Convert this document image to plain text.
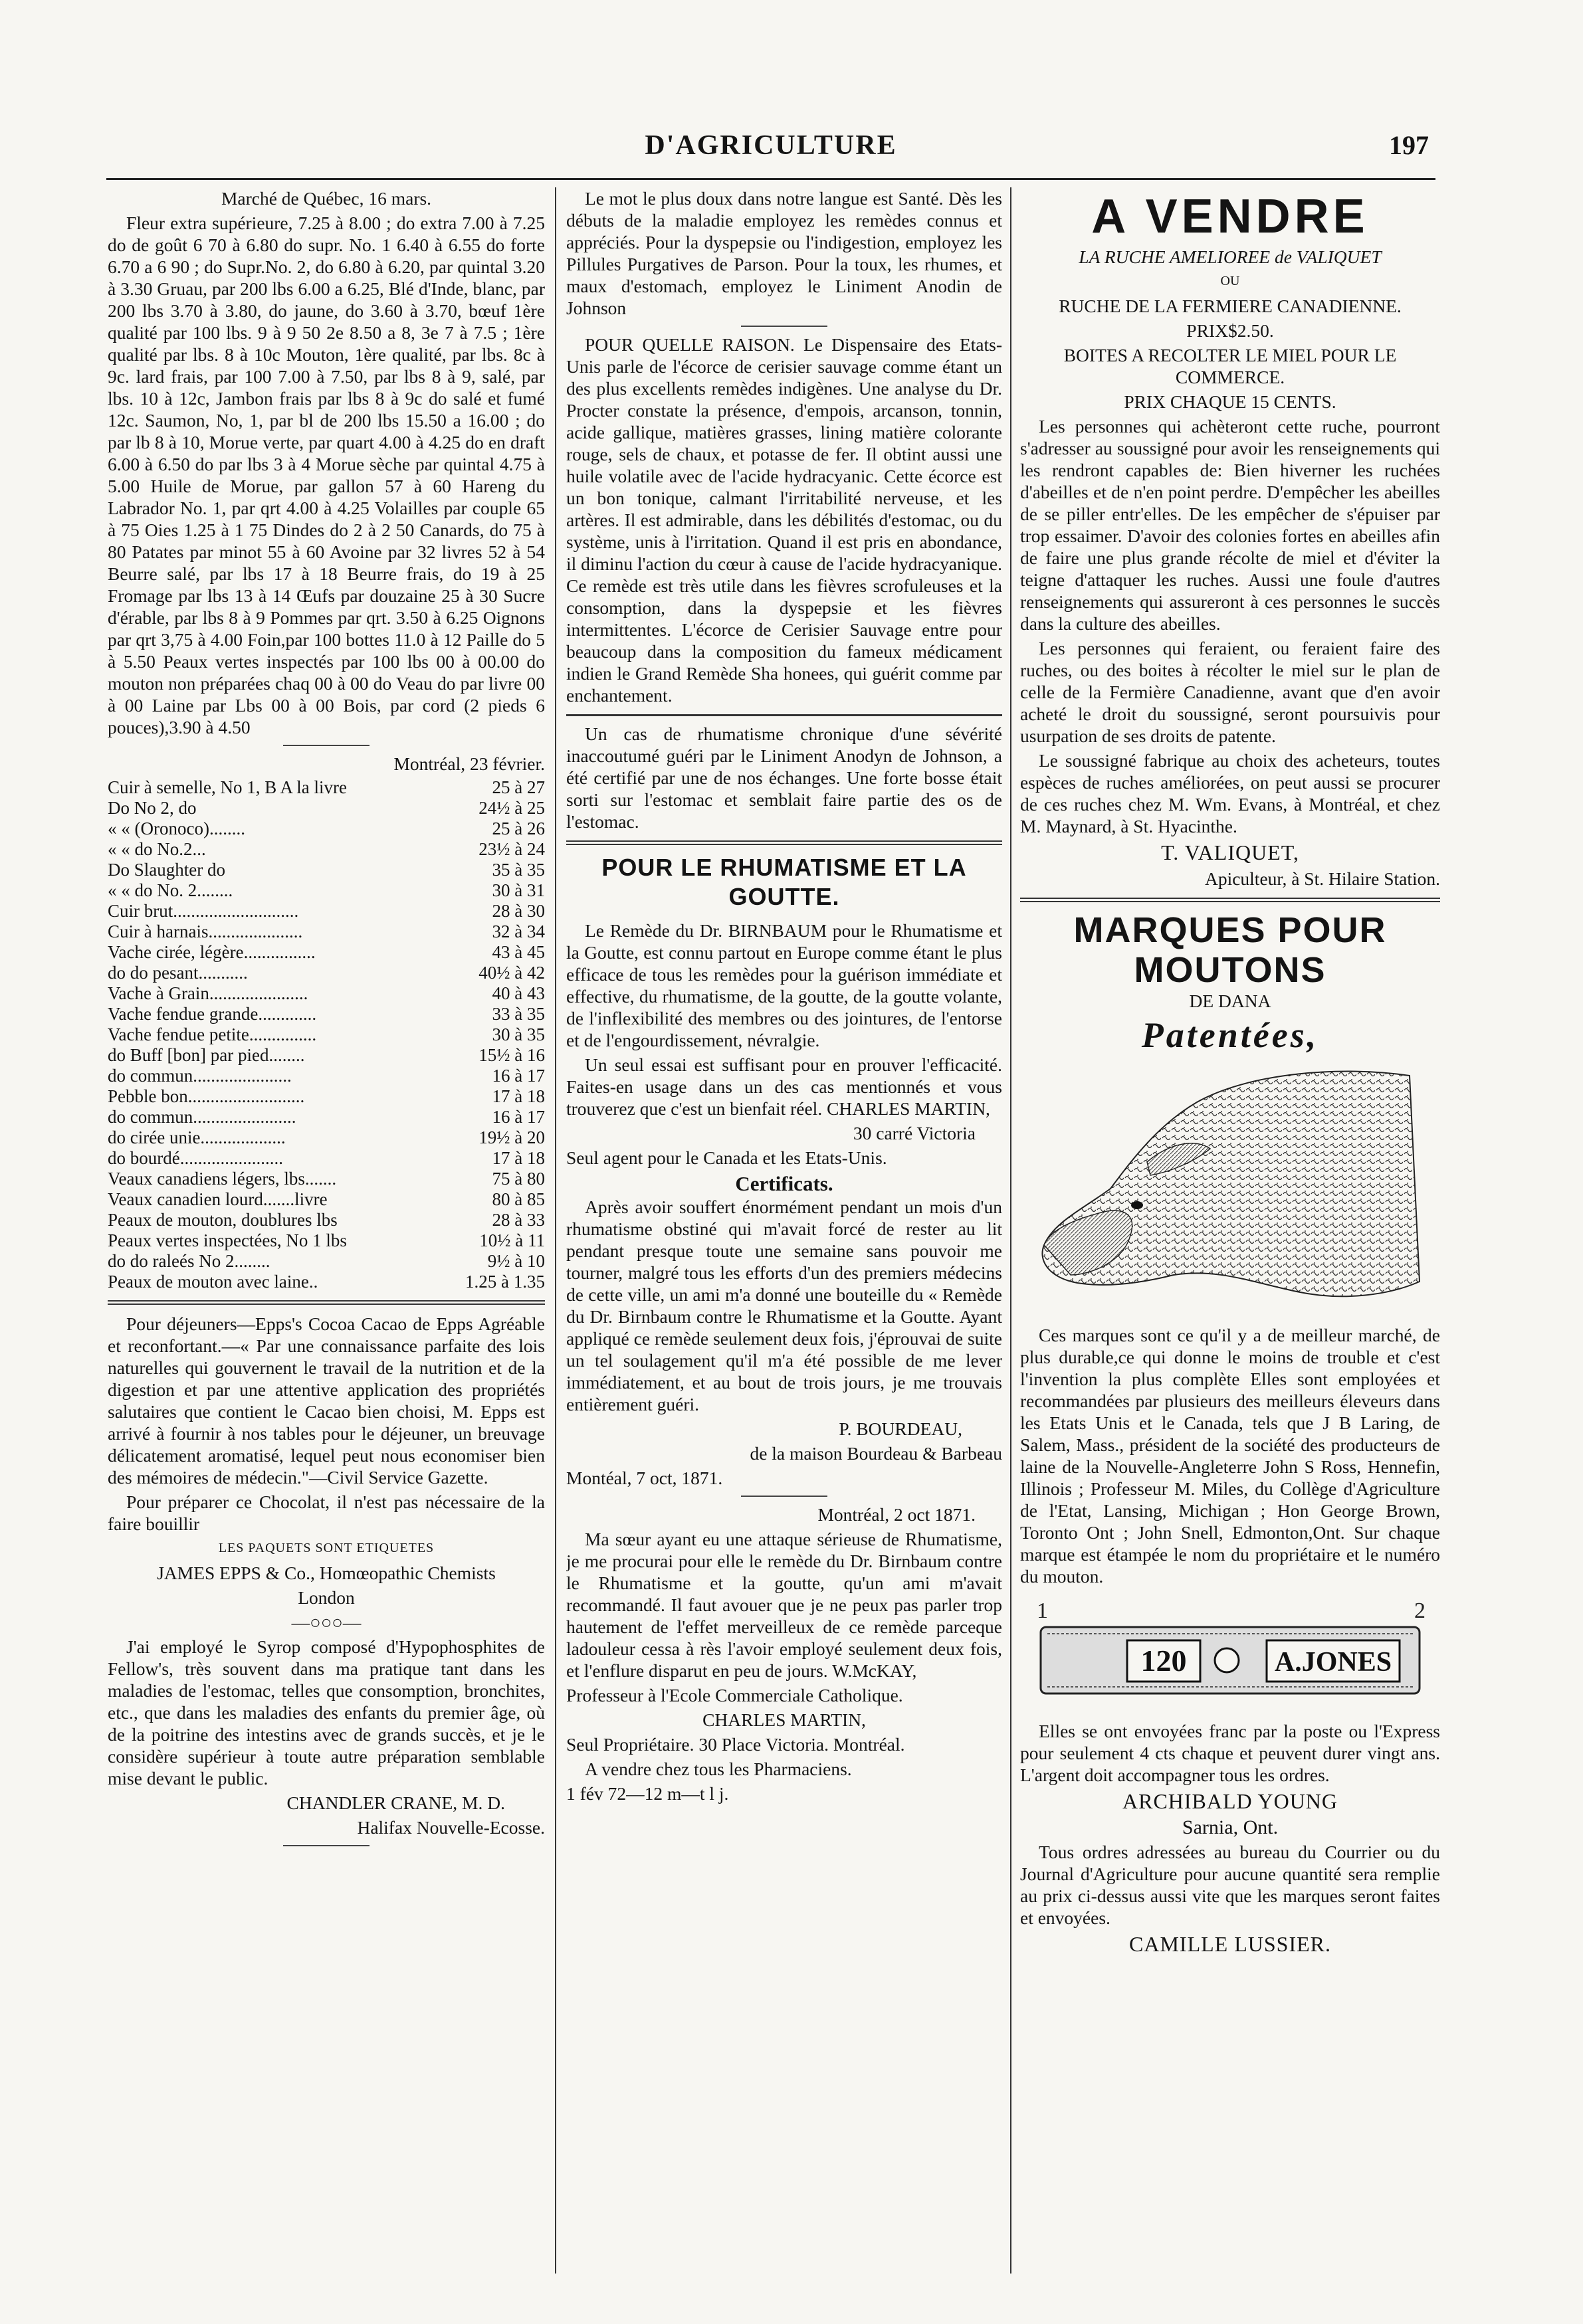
D'AGRICULTURE	197

Marché de Québec, 16 mars.

Fleur extra supérieure, 7.25 à 8.00 ; do extra 7.00 à 7.25 do de goût 6 70 à 6.80 do supr. No. 1 6.40 à 6.55 do forte 6.70 a 6 90 ; do Supr.No. 2, do 6.80 à 6.20, par quintal 3.20 à 3.30 Gruau, par 200 lbs 6.00 a 6.25, Blé d'Inde, blanc, par 200 lbs 3.70 à 3.80, do jaune, do 3.60 à 3.70, bœuf 1ère qualité par 100 lbs. 9 à 9 50 2e 8.50 a 8, 3e 7 à 7.5 ; 1ère qualité par lbs. 8 à 10c Mouton, 1ère qualité, par lbs. 8c à 9c. lard frais, par 100 7.00 à 7.50, par lbs 8 à 9, salé, par lbs. 10 à 12c, Jambon frais par lbs 8 à 9c do salé et fumé 12c. Saumon, No, 1, par bl de 200 lbs 15.50 a 16.00 ; do par lb 8 à 10, Morue verte, par quart 4.00 à 4.25 do en draft 6.00 à 6.50 do par lbs 3 à 4 Morue sèche par quintal 4.75 à 5.00 Huile de Morue, par gallon 57 à 60 Hareng du Labrador No. 1, par qrt 4.00 à 4.25 Volailles par couple 65 à 75 Oies 1.25 à 1 75 Dindes do 2 à 2 50 Canards, do 75 à 80 Patates par minot 55 à 60 Avoine par 32 livres 52 à 54 Beurre salé, par lbs 17 à 18 Beurre frais, do 19 à 25 Fromage par lbs 13 à 14 Œufs par douzaine 25 à 30 Sucre d'érable, par lbs 8 à 9 Pommes par qrt. 3.50 à 6.25 Oignons par qrt 3,75 à 4.00 Foin,par 100 bottes 11.0 à 12 Paille do 5 à 5.50 Peaux vertes inspectés par 100 lbs 00 à 00.00 do mouton non préparées chaq 00 à 00 do Veau do par livre 00 à 00 Laine par Lbs 00 à 00 Bois, par cord (2 pieds 6 pouces),3.90 à 4.50

Montréal, 23 février.

Cuir à semelle, No 1, B A la livre	25 à 27
Do No 2, do	24½ à 25
« « (Oronoco)........	25 à 26
« « do No.2...	23½ à 24
Do Slaughter do	35 à 35
« « do No. 2........	30 à 31
Cuir brut............................	28 à 30
Cuir à harnais.....................	32 à 34
Vache cirée, légère................	43 à 45
do do pesant...........	40½ à 42
Vache à Grain......................	40 à 43
Vache fendue grande.............	33 à 35
Vache fendue petite...............	30 à 35
do Buff [bon] par pied........	15½ à 16
do commun......................	16 à 17
Pebble bon..........................	17 à 18
do commun.......................	16 à 17
do cirée unie...................	19½ à 20
do bourdé.......................	17 à 18
Veaux canadiens légers, lbs.......	75 à 80
Veaux canadien lourd.......livre	80 à 85
Peaux de mouton, doublures lbs	28 à 33
Peaux vertes inspectées, No 1 lbs	10½ à 11
do do raleés No 2........	9½ à 10
Peaux de mouton avec laine..	1.25 à 1.35

Pour déjeuners—Epps's Cocoa Cacao de Epps Agréable et reconfortant.—« Par une connaissance parfaite des lois naturelles qui gouvernent le travail de la nutrition et de la digestion et par une attentive application des propriétés salutaires que contient le Cacao bien choisi, M. Epps est arrivé à fournir à nos tables pour le déjeuner, un breuvage délicatement aromatisé, lequel peut nous economiser bien des mémoires de médecin."—Civil Service Gazette.

Pour préparer ce Chocolat, il n'est pas nécessaire de la faire bouillir

LES PAQUETS SONT ETIQUETES

JAMES EPPS & Co., Homœopathic Chemists

London

—○○○—

J'ai employé le Syrop composé d'Hypophosphites de Fellow's, très souvent dans ma pratique tant dans les maladies de l'estomac, telles que consomption, bronchites, etc., que dans les maladies des enfants du premier âge, où de la poitrine des intestins avec de grands succès, et je le considère supérieur à toute autre préparation semblable mise devant le public.

CHANDLER CRANE, M. D.

Halifax Nouvelle-Ecosse.

Le mot le plus doux dans notre langue est Santé. Dès les débuts de la maladie employez les remèdes connus et appréciés. Pour la dyspepsie ou l'indigestion, employez les Pillules Purgatives de Parson. Pour la toux, les rhumes, et maux d'estomach, employez le Liniment Anodin de Johnson

POUR QUELLE RAISON. Le Dispensaire des Etats-Unis parle de l'écorce de cerisier sauvage comme étant un des plus excellents remèdes indigènes. Une analyse du Dr. Procter constate la présence, d'empois, arcanson, tonnin, acide gallique, matières grasses, lining matière colorante rouge, sels de chaux, et potasse de fer. Il obtint aussi une huile volatile avec de l'acide hydracyanic. Cette écorce est un bon tonique, calmant l'irritabilité nerveuse, et les artères. Il est admirable, dans les débilités d'estomac, ou du système, unis à l'irritation. Quand il est pris en abondance, il diminu l'action du cœur à cause de l'acide hydracyanique. Ce remède est très utile dans les fièvres scrofuleuses et la consomption, dans la dyspepsie et les fièvres intermittentes. L'écorce de Cerisier Sauvage entre pour beaucoup dans la composition du fameux médicament indien le Grand Remède Sha honees, qui guérit comme par enchantement.

Un cas de rhumatisme chronique d'une sévérité inaccoutumé guéri par le Liniment Anodyn de Johnson, a été certifié par une de nos échanges. Une forte bosse était sorti sur l'estomac et semblait faire partie des os de l'estomac.

POUR LE RHUMATISME ET LA GOUTTE.

Le Remède du Dr. BIRNBAUM pour le Rhumatisme et la Goutte, est connu partout en Europe comme étant le plus efficace de tous les remèdes pour la guérison immédiate et effective, du rhumatisme, de la goutte, de la goutte volante, de l'inflexibilité des membres ou des jointures, de l'entorse et de l'engourdissement, névralgie.

Un seul essai est suffisant pour en prouver l'efficacité. Faites-en usage dans un des cas mentionnés et vous trouverez que c'est un bienfait réel. CHARLES MARTIN,

30 carré Victoria

Seul agent pour le Canada et les Etats-Unis.

Certificats.

Après avoir souffert énormément pendant un mois d'un rhumatisme obstiné qui m'avait forcé de rester au lit pendant presque toute une semaine sans pouvoir me tourner, malgré tous les efforts d'un des premiers médecins de cette ville, un ami m'a donné une bouteille du « Remède du Dr. Birnbaum contre le Rhumatisme et la Goutte. Ayant appliqué ce remède seulement deux fois, j'éprouvai de suite un tel soulagement qu'il m'a été possible de me lever immédiatement, et au bout de trois jours, je me trouvais entièrement guéri.

P. BOURDEAU,

de la maison Bourdeau & Barbeau

Montéal, 7 oct, 1871.

Montréal, 2 oct 1871.

Ma sœur ayant eu une attaque sérieuse de Rhumatisme, je me procurai pour elle le remède du Dr. Birnbaum contre le Rhumatisme et la goutte, qu'un ami m'avait recommandé. Il faut avouer que je ne peux pas parler trop hautement de l'effet merveilleux de ce remède parceque ladouleur cessa à rès l'avoir employé seulement deux fois, et l'enflure disparut en peu de jours. W.McKAY,

Professeur à l'Ecole Commerciale Catholique.

CHARLES MARTIN,

Seul Propriétaire. 30 Place Victoria. Montréal.

A vendre chez tous les Pharmaciens.

1 fév 72—12 m—t l j.

A VENDRE

LA RUCHE AMELIOREE de VALIQUET

OU

RUCHE DE LA FERMIERE CANADIENNE.

PRIX$2.50.

BOITES A RECOLTER LE MIEL POUR LE COMMERCE.

PRIX CHAQUE 15 CENTS.

Les personnes qui achèteront cette ruche, pourront s'adresser au soussigné pour avoir les renseignements qui les rendront capables de: Bien hiverner les ruchées d'abeilles et de n'en point perdre. D'empêcher les abeilles de se piller entr'elles. De les empêcher de s'épuiser par trop essaimer. D'avoir des colonies fortes en abeilles afin de faire une plus grande récolte de miel et d'éviter la teigne d'attaquer les ruches. Aussi une foule d'autres renseignements qui assureront à ces personnes le succès dans la culture des abeilles.

Les personnes qui feraient, ou feraient faire des ruches, ou des boites à récolter le miel sur le plan de celle de la Fermière Canadienne, avant que d'en avoir acheté le droit du soussigné, seront poursuivis pour usurpation de ses droits de patente.

Le soussigné fabrique au choix des acheteurs, toutes espèces de ruches améliorées, on peut aussi se procurer de ces ruches chez M. Wm. Evans, à Montréal, et chez M. Maynard, à St. Hyacinthe.

T. VALIQUET,

Apiculteur, à St. Hilaire Station.

MARQUES POUR MOUTONS

DE DANA

Patentées,

Ces marques sont ce qu'il y a de meilleur marché, de plus durable,ce qui donne le moins de trouble et c'est l'invention la plus complète Elles sont employées et recommandées par plusieurs des meilleurs éleveurs dans les Etats Unis et le Canada, tels que J B Laring, de Salem, Mass., président de la société des producteurs de laine de la Nouvelle-Angleterre John S Ross, Hennefin, Illinois ; Professeur M. Miles, du Collège d'Agriculture de l'Etat, Lansing, Michigan ; Hon George Brown, Toronto Ont ; John Snell, Edmonton,Ont. Sur chaque marque est étampée le nom du propriétaire et le numéro du mouton.

1	2
120	A.JONES

Elles se ont envoyées franc par la poste ou l'Express pour seulement 4 cts chaque et peuvent durer vingt ans. L'argent doit accompagner tous les ordres.

ARCHIBALD YOUNG

Sarnia, Ont.

Tous ordres adressées au bureau du Courrier ou du Journal d'Agriculture pour aucune quantité sera remplie au prix ci-dessus aussi vite que les marques seront faites et envoyées.

CAMILLE LUSSIER.
